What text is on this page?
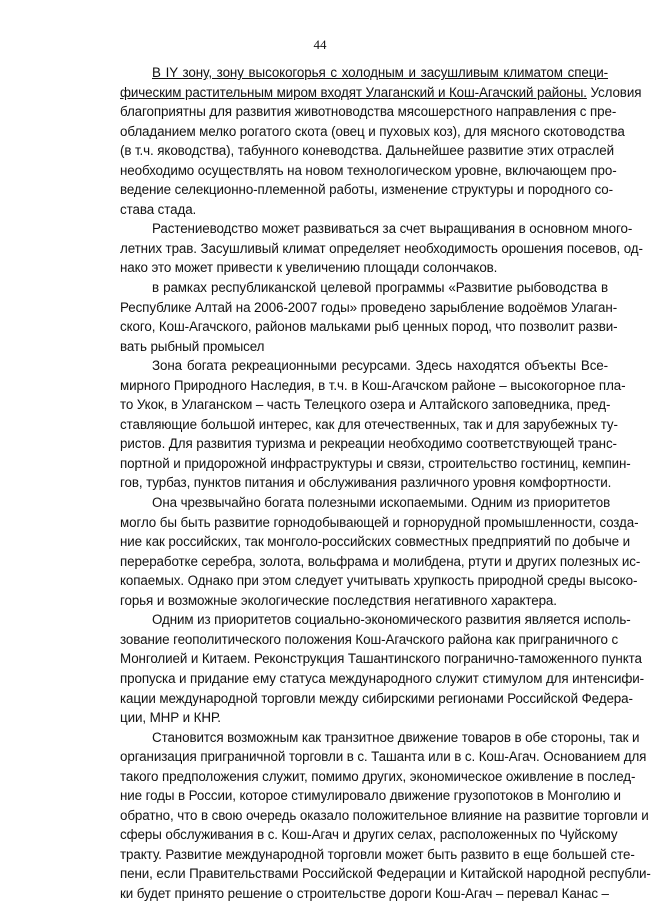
44
В IY зону, зону высокогорья с холодным и засушливым климатом специ-
фическим растительным миром входят Улаганский и Кош-Агачский районы. Условия
благоприятны для развития животноводства мясошерстного направления с пре-
обладанием мелко рогатого скота (овец и пуховых коз), для мясного скотоводства
(в т.ч. яководства), табунного коневодства. Дальнейшее развитие этих отраслей
необходимо осуществлять на новом технологическом уровне, включающем про-
ведение селекционно-племенной работы, изменение структуры и породного со-
става стада.
Растениеводство может развиваться за счет выращивания в основном много-
летних трав. Засушливый климат определяет необходимость орошения посевов, од-
нако это может привести к увеличению площади солончаков.
в рамках республиканской целевой программы «Развитие рыбоводства в
Республике Алтай на 2006-2007 годы» проведено зарыбление водоёмов Улаган-
ского, Кош-Агачского, районов мальками рыб ценных пород, что позволит разви-
вать рыбный промысел
Зона богата рекреационными ресурсами. Здесь находятся объекты Все-
мирного Природного Наследия, в т.ч. в Кош-Агачском районе – высокогорное пла-
то Укок, в Улаганском – часть Телецкого озера и Алтайского заповедника, пред-
ставляющие большой интерес, как для отечественных, так и для зарубежных ту-
ристов. Для развития туризма и рекреации необходимо соответствующей транс-
портной и придорожной инфраструктуры и связи, строительство гостиниц, кемпин-
гов, турбаз, пунктов питания и обслуживания различного уровня комфортности.
Она чрезвычайно богата полезными ископаемыми. Одним из приоритетов
могло бы быть развитие горнодобывающей и горнорудной промышленности, созда-
ние как российских, так монголо-российских совместных предприятий по добыче и
переработке серебра, золота, вольфрама и молибдена, ртути и других полезных ис-
копаемых. Однако при этом следует учитывать хрупкость природной среды высоко-
горья и возможные экологические последствия негативного характера.
Одним из приоритетов социально-экономического развития является исполь-
зование геополитического положения Кош-Агачского района как приграничного с
Монголией и Китаем. Реконструкция Ташантинского погранично-таможенного пункта
пропуска и придание ему статуса международного служит стимулом для интенсифи-
кации международной торговли между сибирскими регионами Российской Федера-
ции, МНР и КНР.
Становится возможным как транзитное движение товаров в обе стороны, так и
организация приграничной торговли в с. Ташанта или в с. Кош-Агач. Основанием для
такого предположения служит, помимо других, экономическое оживление в послед-
ние годы в России, которое стимулировало движение грузопотоков в Монголию и
обратно, что в свою очередь оказало положительное влияние на развитие торговли и
сферы обслуживания в с. Кош-Агач и других селах, расположенных по Чуйскому
тракту. Развитие международной торговли может быть развито в еще большей сте-
пени, если Правительствами Российской Федерации и Китайской народной республи-
ки будет принято решение о строительстве дороги Кош-Агач – перевал Канас –
